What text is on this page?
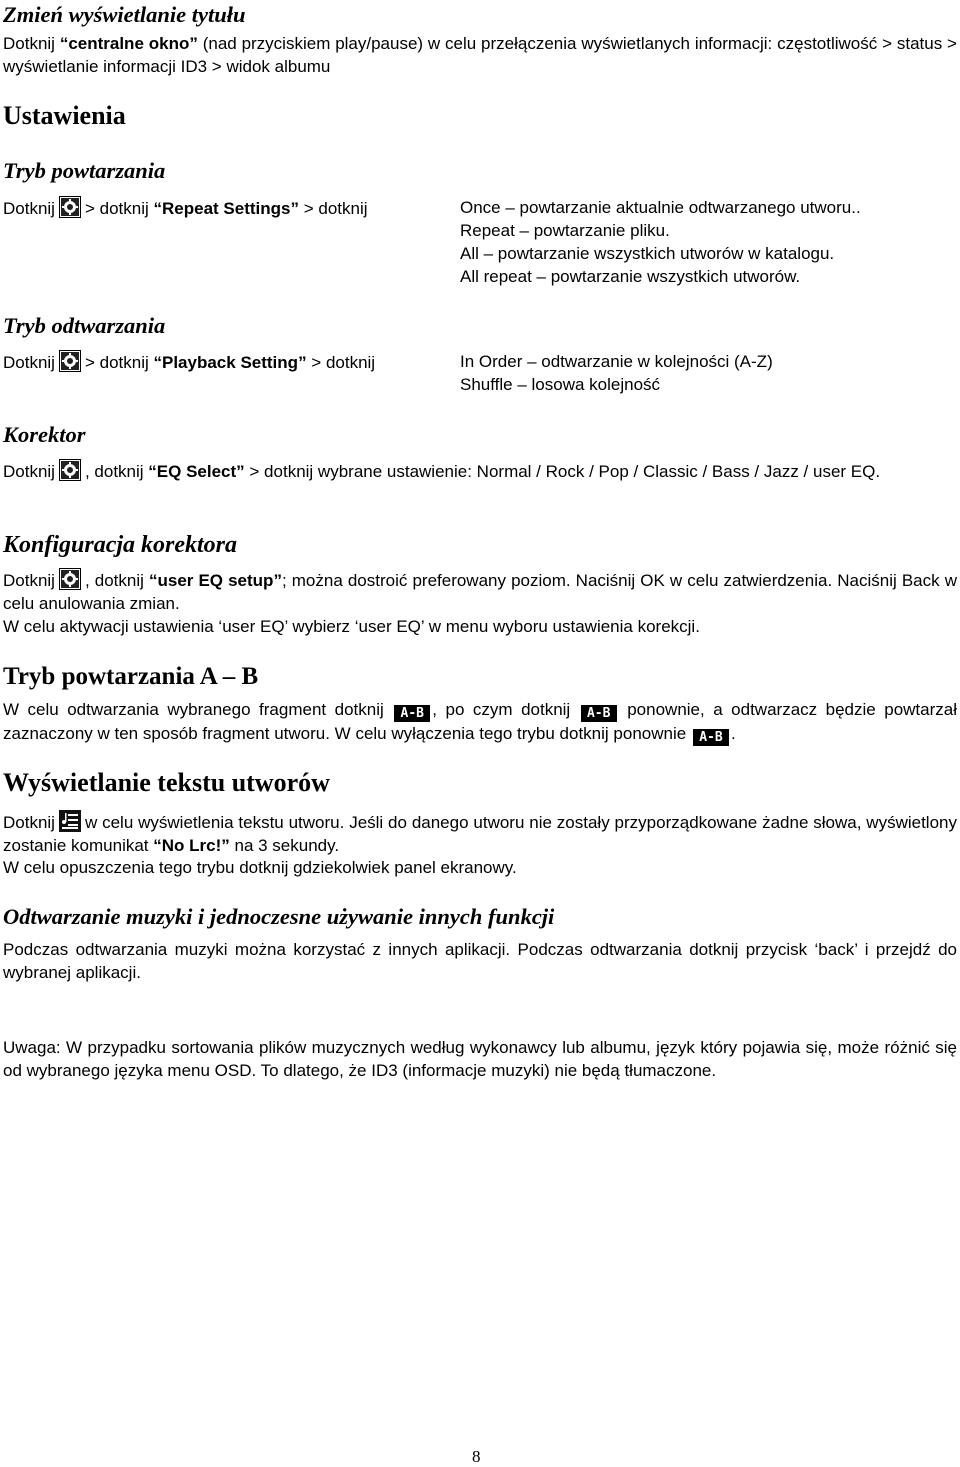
Zmień wyświetlanie tytułu

Dotknij “centralne okno” (nad przyciskiem play/pause) w celu przełączenia wyświetlanych informacji: częstotliwość > status > wyświetlanie informacji ID3 > widok albumu

Ustawienia
Tryb powtarzania
Dotknij > dotknij “Repeat Settings” > dotknij	Once – powtarzanie aktualnie odtwarzanego utworu..
Repeat – powtarzanie pliku.
All – powtarzanie wszystkich utworów w katalogu.
All repeat – powtarzanie wszystkich utworów.
Tryb odtwarzania
Dotknij > dotknij “Playback Setting” > dotknij	In Order – odtwarzanie w kolejności (A-Z)
Shuffle – losowa kolejność
Korektor

Dotknij , dotknij “EQ Select” > dotknij wybrane ustawienie: Normal / Rock / Pop / Classic / Bass / Jazz / user EQ.

Konfiguracja korektora

Dotknij , dotknij “user EQ setup”; można dostroić preferowany poziom. Naciśnij OK w celu zatwierdzenia. Naciśnij Back w celu anulowania zmian.

W celu aktywacji ustawienia ‘user EQ’ wybierz ‘user EQ’ w menu wyboru ustawienia korekcji.

Tryb powtarzania A – B

W celu odtwarzania wybranego fragment dotknij A-B , po czym dotknij A-B ponownie, a odtwarzacz będzie powtarzał zaznaczony w ten sposób fragment utworu. W celu wyłączenia tego trybu dotknij ponownie A-B .

Wyświetlanie tekstu utworów

Dotknij w celu wyświetlenia tekstu utworu. Jeśli do danego utworu nie zostały przyporządkowane żadne słowa, wyświetlony zostanie komunikat “No Lrc!” na 3 sekundy.

W celu opuszczenia tego trybu dotknij gdziekolwiek panel ekranowy.

Odtwarzanie muzyki i jednoczesne używanie innych funkcji

Podczas odtwarzania muzyki można korzystać z innych aplikacji. Podczas odtwarzania dotknij przycisk ‘back’ i przejdź do wybranej aplikacji.

Uwaga: W przypadku sortowania plików muzycznych według wykonawcy lub albumu, język który pojawia się, może różnić się od wybranego języka menu OSD. To dlatego, że ID3 (informacje muzyki) nie będą tłumaczone.

8
